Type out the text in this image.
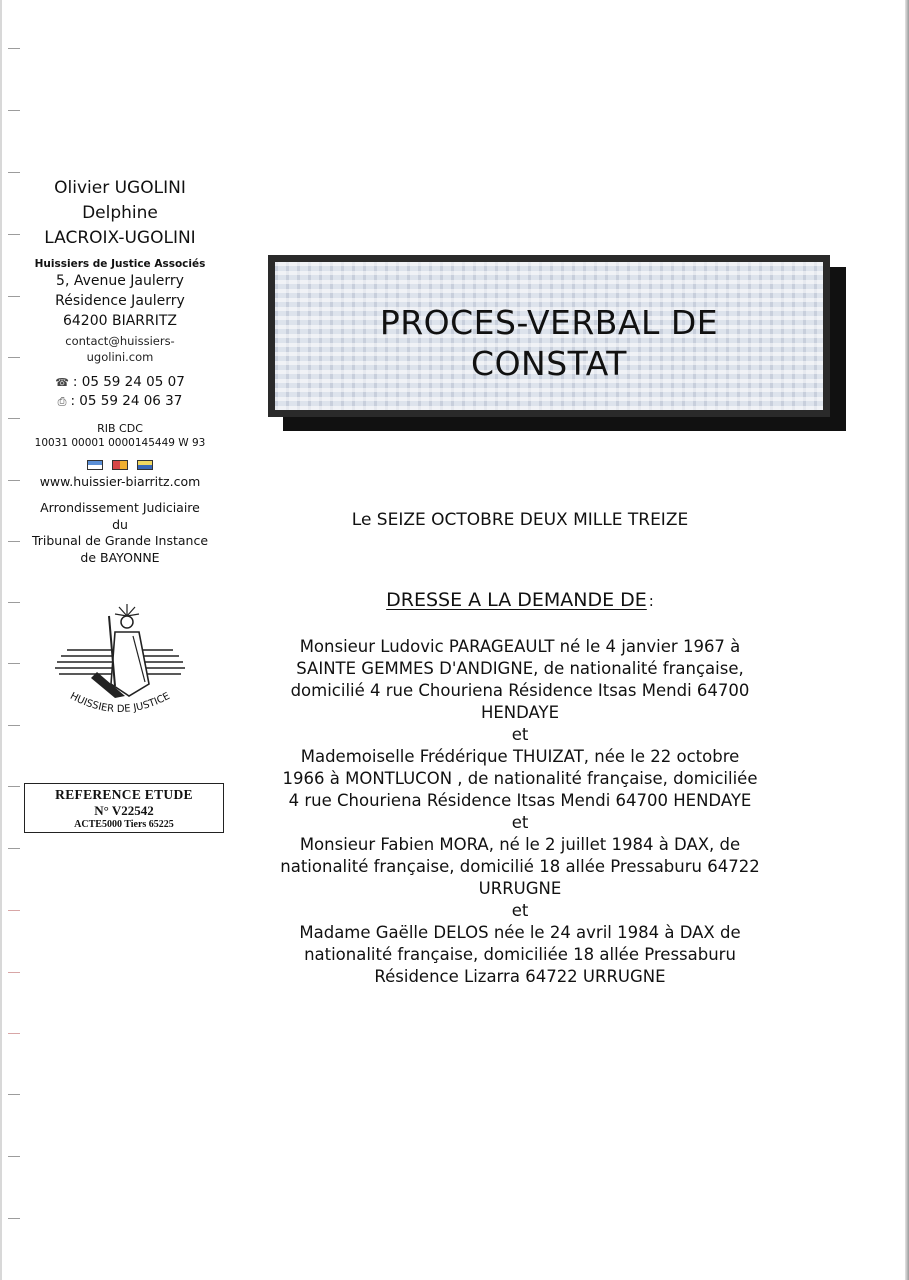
Olivier UGOLINI
Delphine
LACROIX-UGOLINI
Huissiers de Justice Associés
5, Avenue Jaulerry
Résidence Jaulerry
64200 BIARRITZ
contact@huissiers-
ugolini.com
☎ : 05 59 24 05 07
⎙ : 05 59 24 06 37
RIB CDC
10031 00001 0000145449 W 93

www.huissier-biarritz.com
Arrondissement Judiciaire
du
Tribunal de Grande Instance
de BAYONNE
HUISSIER DE JUSTICE
REFERENCE ETUDE
N° V22542
ACTE5000 Tiers 65225
PROCES-VERBAL DE
CONSTAT
Le SEIZE OCTOBRE DEUX MILLE TREIZE
DRESSE A LA DEMANDE DE :
Monsieur Ludovic PARAGEAULT né le 4 janvier 1967 à
SAINTE GEMMES D'ANDIGNE, de nationalité française,
domicilié 4 rue Chouriena Résidence Itsas Mendi 64700
HENDAYE
et
Mademoiselle Frédérique THUIZAT, née le 22 octobre
1966 à MONTLUCON , de nationalité française, domiciliée
4 rue Chouriena Résidence Itsas Mendi 64700 HENDAYE
et
Monsieur Fabien MORA, né le 2 juillet 1984 à DAX, de
nationalité française, domicilié 18 allée Pressaburu 64722
URRUGNE
et
Madame Gaëlle DELOS née le 24 avril 1984 à DAX de
nationalité française, domiciliée 18 allée Pressaburu
Résidence Lizarra 64722 URRUGNE
